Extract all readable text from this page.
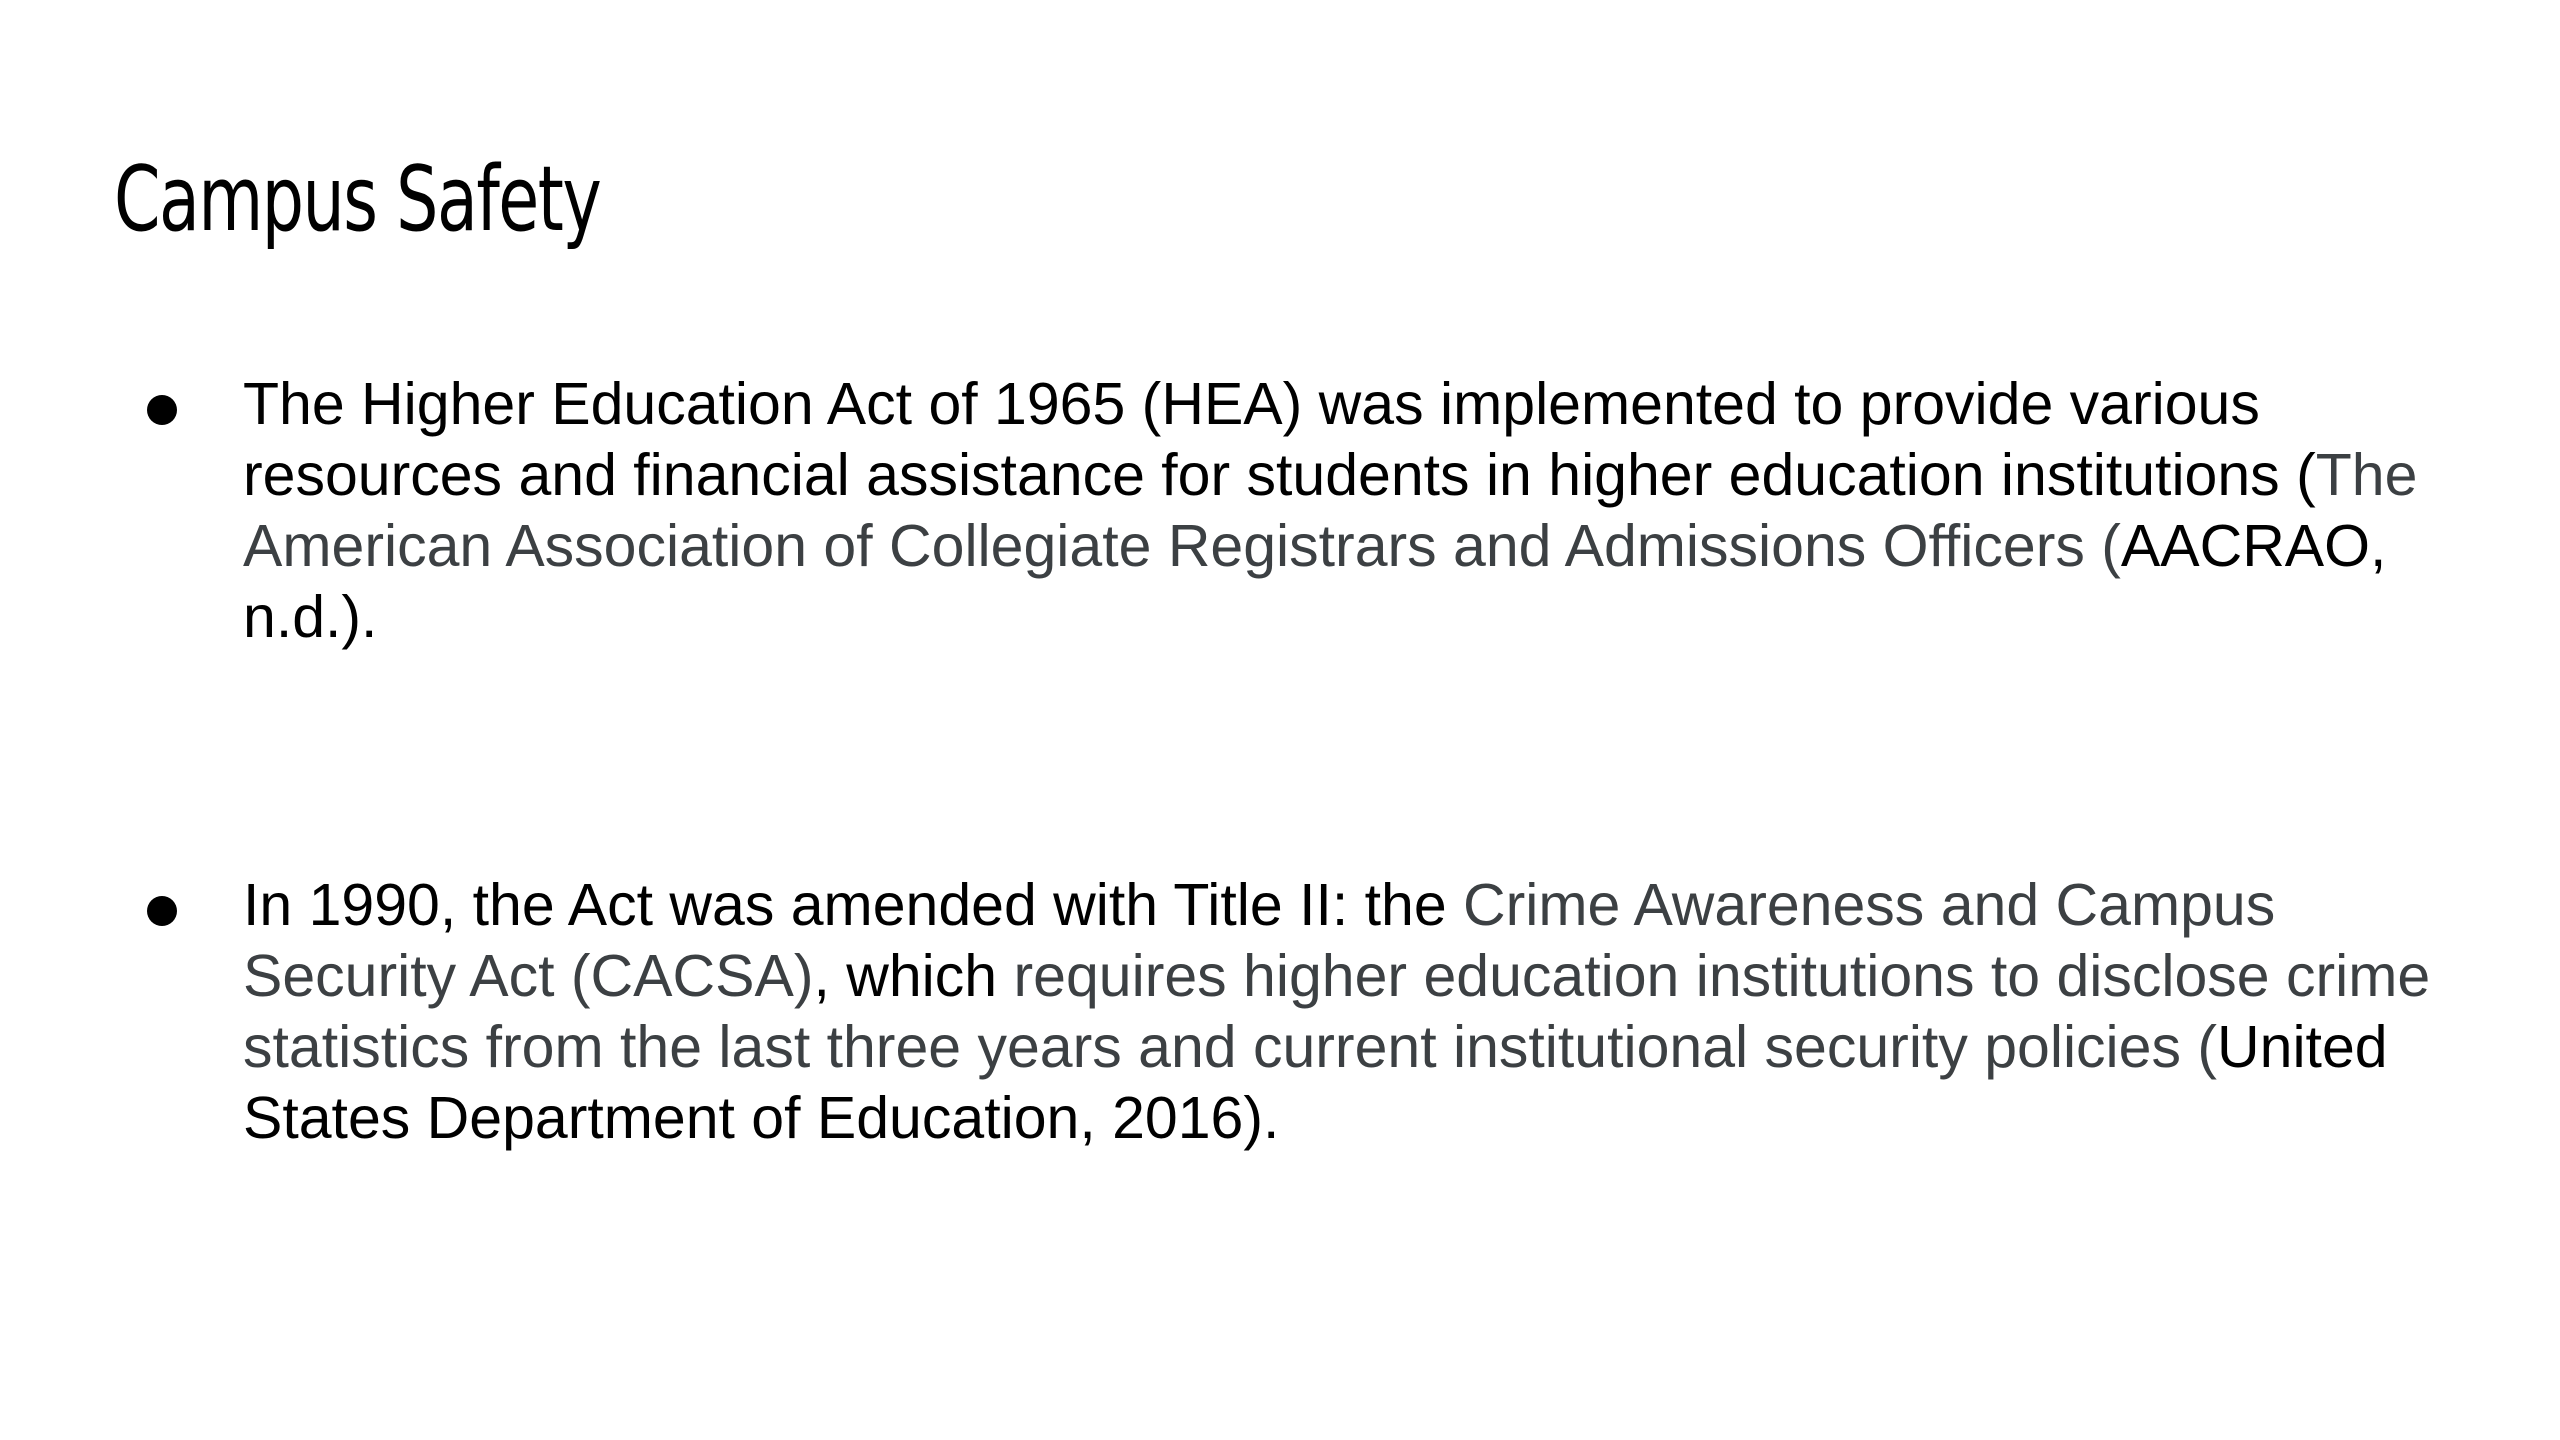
Campus Safety
The Higher Education Act of 1965 (HEA) was implemented to provide various resources and financial assistance for students in higher education institutions (The American Association of Collegiate Registrars and Admissions Officers (AACRAO, n.d.).
In 1990, the Act was amended with Title II: the Crime Awareness and Campus Security Act (CACSA), which requires higher education institutions to disclose crime statistics from the last three years and current institutional security policies (United States Department of Education, 2016).
